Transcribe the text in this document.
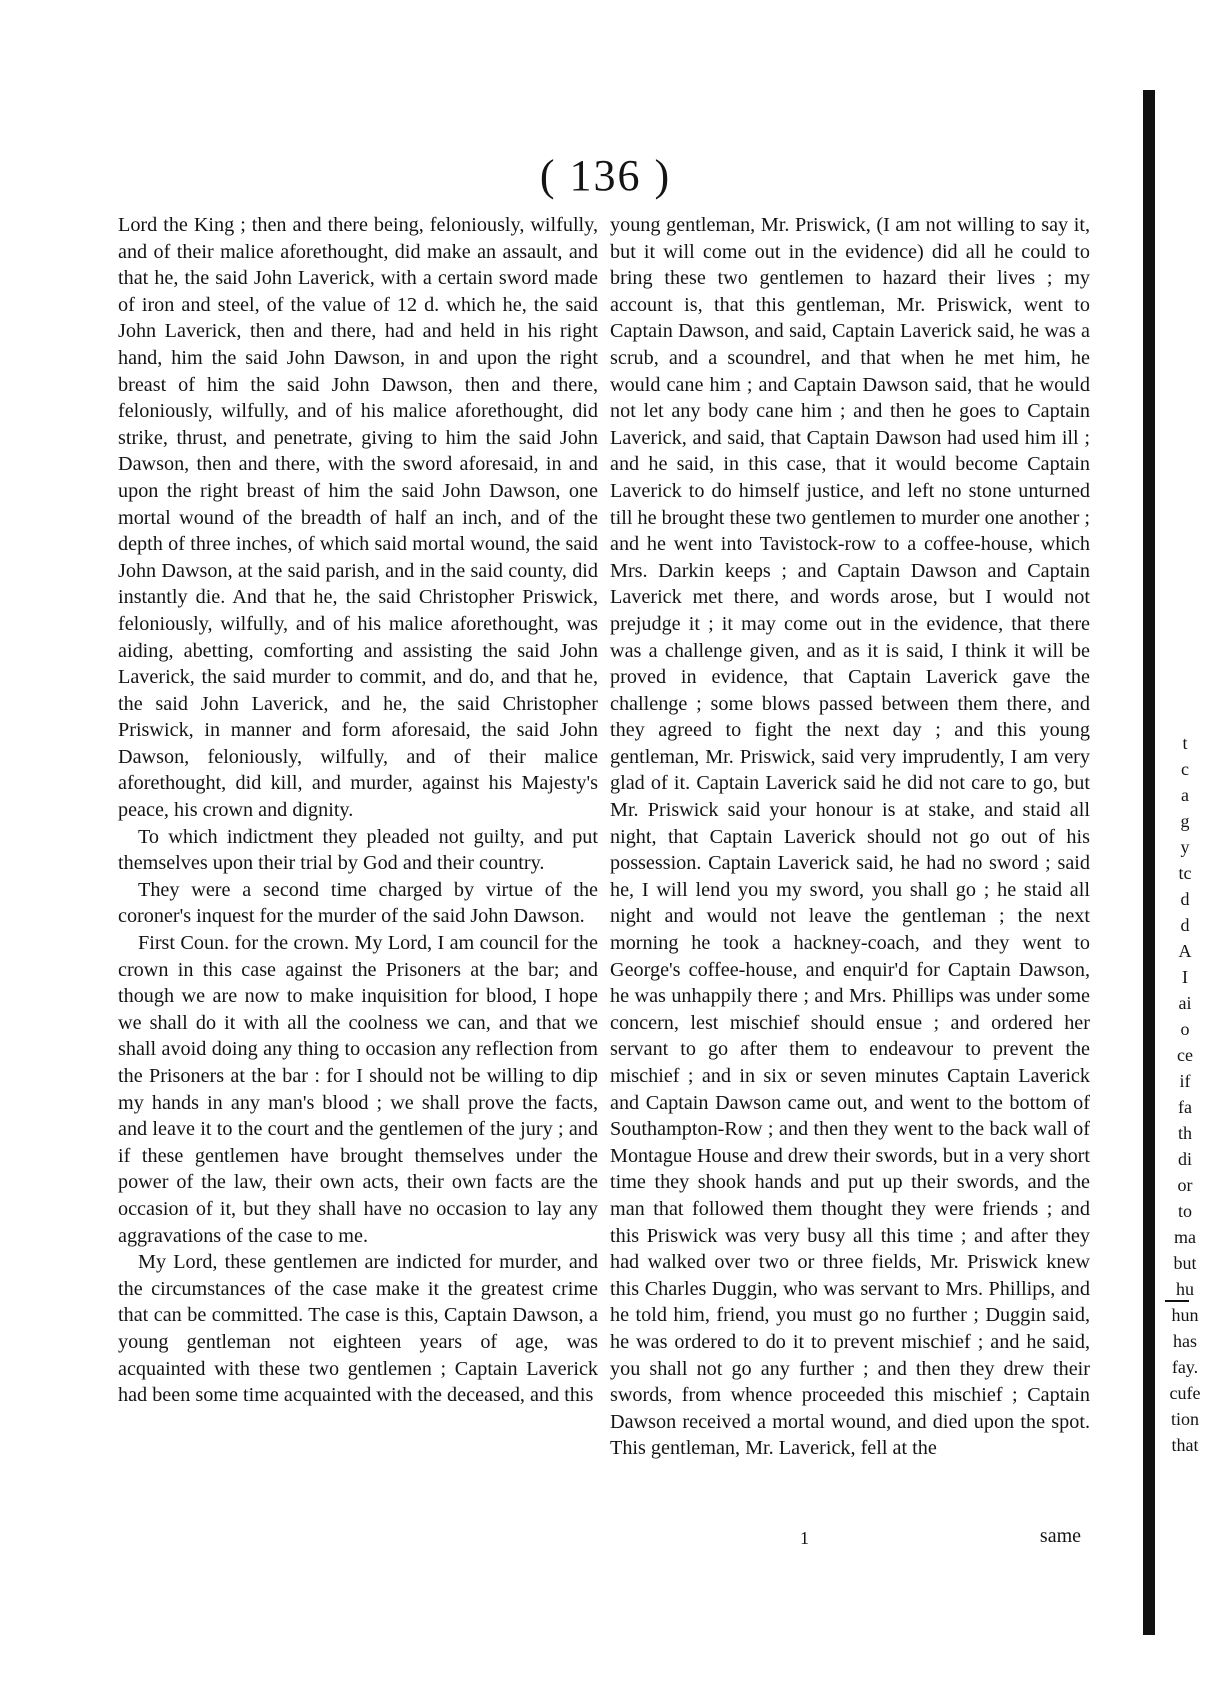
( 136 )

Lord the King ; then and there being, feloniously, wilfully, and of their malice aforethought, did make an assault, and that he, the said John Laverick, with a certain sword made of iron and steel, of the value of 12 d. which he, the said John Laverick, then and there, had and held in his right hand, him the said John Dawson, in and upon the right breast of him the said John Dawson, then and there, feloniously, wilfully, and of his malice aforethought, did strike, thrust, and penetrate, giving to him the said John Dawson, then and there, with the sword aforesaid, in and upon the right breast of him the said John Dawson, one mortal wound of the breadth of half an inch, and of the depth of three inches, of which said mortal wound, the said John Dawson, at the said parish, and in the said county, did instantly die. And that he, the said Christopher Priswick, feloniously, wilfully, and of his malice aforethought, was aiding, abetting, comforting and assisting the said John Laverick, the said murder to commit, and do, and that he, the said John Laverick, and he, the said Christopher Priswick, in manner and form aforesaid, the said John Dawson, feloniously, wilfully, and of their malice aforethought, did kill, and murder, against his Majesty's peace, his crown and dignity.

To which indictment they pleaded not guilty, and put themselves upon their trial by God and their country.

They were a second time charged by virtue of the coroner's inquest for the murder of the said John Dawson.

First Coun. for the crown. My Lord, I am council for the crown in this case against the Prisoners at the bar; and though we are now to make inquisition for blood, I hope we shall do it with all the coolness we can, and that we shall avoid doing any thing to occasion any reflection from the Prisoners at the bar : for I should not be willing to dip my hands in any man's blood ; we shall prove the facts, and leave it to the court and the gentlemen of the jury ; and if these gentlemen have brought themselves under the power of the law, their own acts, their own facts are the occasion of it, but they shall have no occasion to lay any aggravations of the case to me.

My Lord, these gentlemen are indicted for murder, and the circumstances of the case make it the greatest crime that can be committed. The case is this, Captain Dawson, a young gentleman not eighteen years of age, was acquainted with these two gentlemen ; Captain Laverick had been some time acquainted with the deceased, and this

young gentleman, Mr. Priswick, (I am not willing to say it, but it will come out in the evidence) did all he could to bring these two gentlemen to hazard their lives ; my account is, that this gentleman, Mr. Priswick, went to Captain Dawson, and said, Captain Laverick said, he was a scrub, and a scoundrel, and that when he met him, he would cane him ; and Captain Dawson said, that he would not let any body cane him ; and then he goes to Captain Laverick, and said, that Captain Dawson had used him ill ; and he said, in this case, that it would become Captain Laverick to do himself justice, and left no stone unturned till he brought these two gentlemen to murder one another ; and he went into Tavistock-row to a coffee-house, which Mrs. Darkin keeps ; and Captain Dawson and Captain Laverick met there, and words arose, but I would not prejudge it ; it may come out in the evidence, that there was a challenge given, and as it is said, I think it will be proved in evidence, that Captain Laverick gave the challenge ; some blows passed between them there, and they agreed to fight the next day ; and this young gentleman, Mr. Priswick, said very imprudently, I am very glad of it. Captain Laverick said he did not care to go, but Mr. Priswick said your honour is at stake, and staid all night, that Captain Laverick should not go out of his possession. Captain Laverick said, he had no sword ; said he, I will lend you my sword, you shall go ; he staid all night and would not leave the gentleman ; the next morning he took a hackney-coach, and they went to George's coffee-house, and enquir'd for Captain Dawson, he was unhappily there ; and Mrs. Phillips was under some concern, lest mischief should ensue ; and ordered her servant to go after them to endeavour to prevent the mischief ; and in six or seven minutes Captain Laverick and Captain Dawson came out, and went to the bottom of Southampton-Row ; and then they went to the back wall of Montague House and drew their swords, but in a very short time they shook hands and put up their swords, and the man that followed them thought they were friends ; and this Priswick was very busy all this time ; and after they had walked over two or three fields, Mr. Priswick knew this Charles Duggin, who was servant to Mrs. Phillips, and he told him, friend, you must go no further ; Duggin said, he was ordered to do it to prevent mischief ; and he said, you shall not go any further ; and then they drew their swords, from whence proceeded this mischief ; Captain Dawson received a mortal wound, and died upon the spot. This gentleman, Mr. Laverick, fell at the

1	same
t
c
a
g
y
tc
d
d
A
I
ai
o
ce
if
fa
th
di
or
to
ma
but
hu
hun
has
fay.
cufe
tion
that
